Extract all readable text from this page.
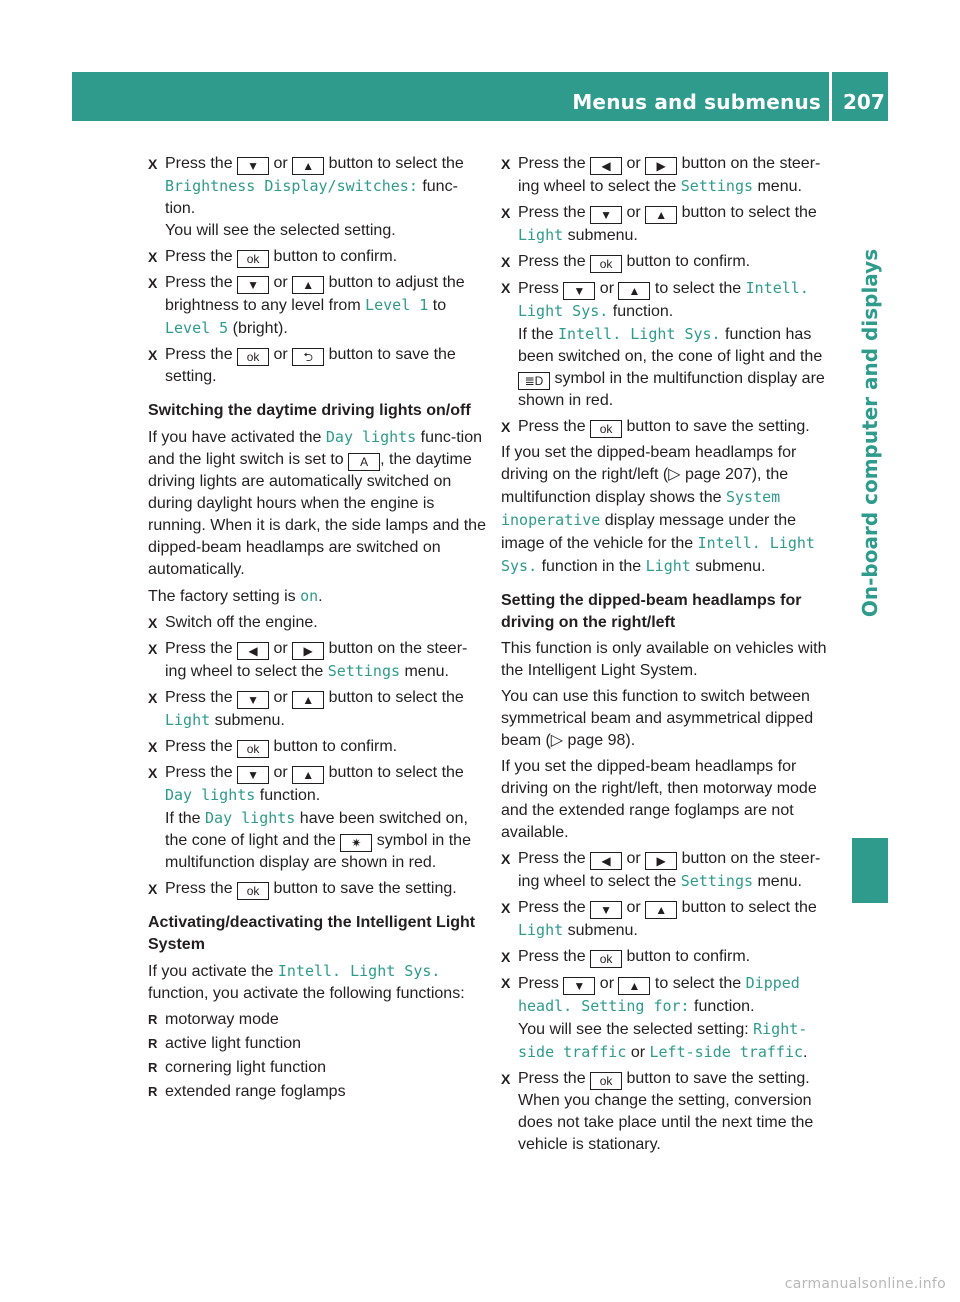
Menus and submenus 207
On-board computer and displays
X Press the ▼ or ▲ button to select the Brightness Display/switches: func-tion.
You will see the selected setting.
X Press the ok button to confirm.
X Press the ▼ or ▲ button to adjust the brightness to any level from Level 1 to Level 5 (bright).
X Press the ok or ⮌ button to save the setting.
Switching the daytime driving lights on/off
If you have activated the Day lights func-tion and the light switch is set to A , the daytime driving lights are automatically switched on during daylight hours when the engine is running. When it is dark, the side lamps and the dipped-beam headlamps are switched on automatically.
The factory setting is on.
X Switch off the engine.
X Press the ◀ or ▶ button on the steer-ing wheel to select the Settings menu.
X Press the ▼ or ▲ button to select the Light submenu.
X Press the ok button to confirm.
X Press the ▼ or ▲ button to select the Day lights function.
If the Day lights have been switched on, the cone of light and the ✷ symbol in the multifunction display are shown in red.
X Press the ok button to save the setting.
Activating/deactivating the Intelligent Light System
If you activate the Intell. Light Sys. function, you activate the following functions:
R motorway mode
R active light function
R cornering light function
R extended range foglamps
X Press the ◀ or ▶ button on the steer-ing wheel to select the Settings menu.
X Press the ▼ or ▲ button to select the Light submenu.
X Press the ok button to confirm.
X Press ▼ or ▲ to select the Intell. Light Sys. function.
If the Intell. Light Sys. function has been switched on, the cone of light and the ≣D symbol in the multifunction display are shown in red.
X Press the ok button to save the setting.
If you set the dipped-beam headlamps for driving on the right/left (▷ page 207), the multifunction display shows the System inoperative display message under the image of the vehicle for the Intell. Light Sys. function in the Light submenu.
Setting the dipped-beam headlamps for driving on the right/left
This function is only available on vehicles with the Intelligent Light System.
You can use this function to switch between symmetrical beam and asymmetrical dipped beam (▷ page 98).
If you set the dipped-beam headlamps for driving on the right/left, then motorway mode and the extended range foglamps are not available.
X Press the ◀ or ▶ button on the steer-ing wheel to select the Settings menu.
X Press the ▼ or ▲ button to select the Light submenu.
X Press the ok button to confirm.
X Press ▼ or ▲ to select the Dipped headl. Setting for: function.
You will see the selected setting: Right-side traffic or Left-side traffic.
X Press the ok button to save the setting.
When you change the setting, conversion does not take place until the next time the vehicle is stationary.
carmanualsonline.info
